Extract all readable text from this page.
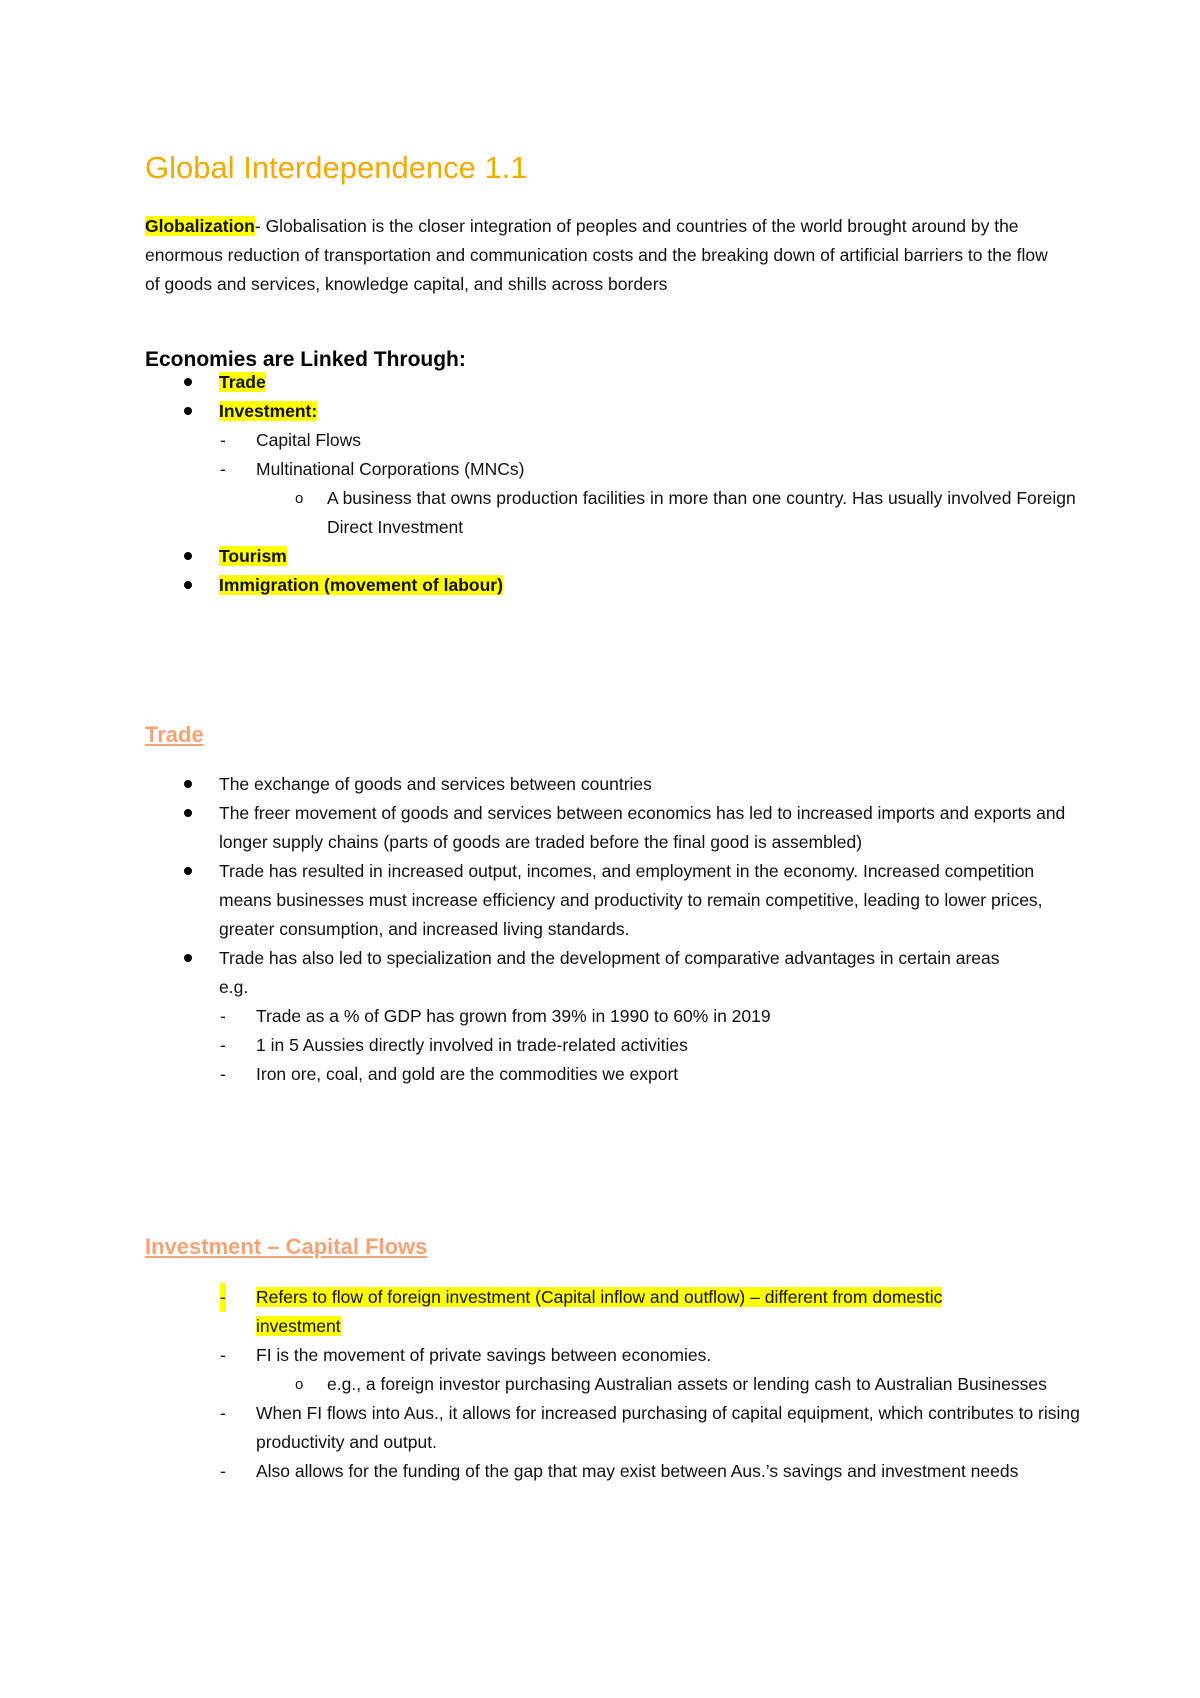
Global Interdependence 1.1

Globalization- Globalisation is the closer integration of peoples and countries of the world brought around by the enormous reduction of transportation and communication costs and the breaking down of artificial barriers to the flow of goods and services, knowledge capital, and shills across borders

Economies are Linked Through:
Trade
Investment:
- Capital Flows
- Multinational Corporations (MNCs)
o A business that owns production facilities in more than one country. Has usually involved Foreign Direct Investment
Tourism
Immigration (movement of labour)
Trade
The exchange of goods and services between countries
The freer movement of goods and services between economics has led to increased imports and exports and longer supply chains (parts of goods are traded before the final good is assembled)
Trade has resulted in increased output, incomes, and employment in the economy. Increased competition means businesses must increase efficiency and productivity to remain competitive, leading to lower prices, greater consumption, and increased living standards.
Trade has also led to specialization and the development of comparative advantages in certain areas
e.g.
- Trade as a % of GDP has grown from 39% in 1990 to 60% in 2019
- 1 in 5 Aussies directly involved in trade-related activities
- Iron ore, coal, and gold are the commodities we export
Investment – Capital Flows
- Refers to flow of foreign investment (Capital inflow and outflow) – different from domestic investment
- FI is the movement of private savings between economies.
o e.g., a foreign investor purchasing Australian assets or lending cash to Australian Businesses
- When FI flows into Aus., it allows for increased purchasing of capital equipment, which contributes to rising productivity and output.
- Also allows for the funding of the gap that may exist between Aus.’s savings and investment needs
